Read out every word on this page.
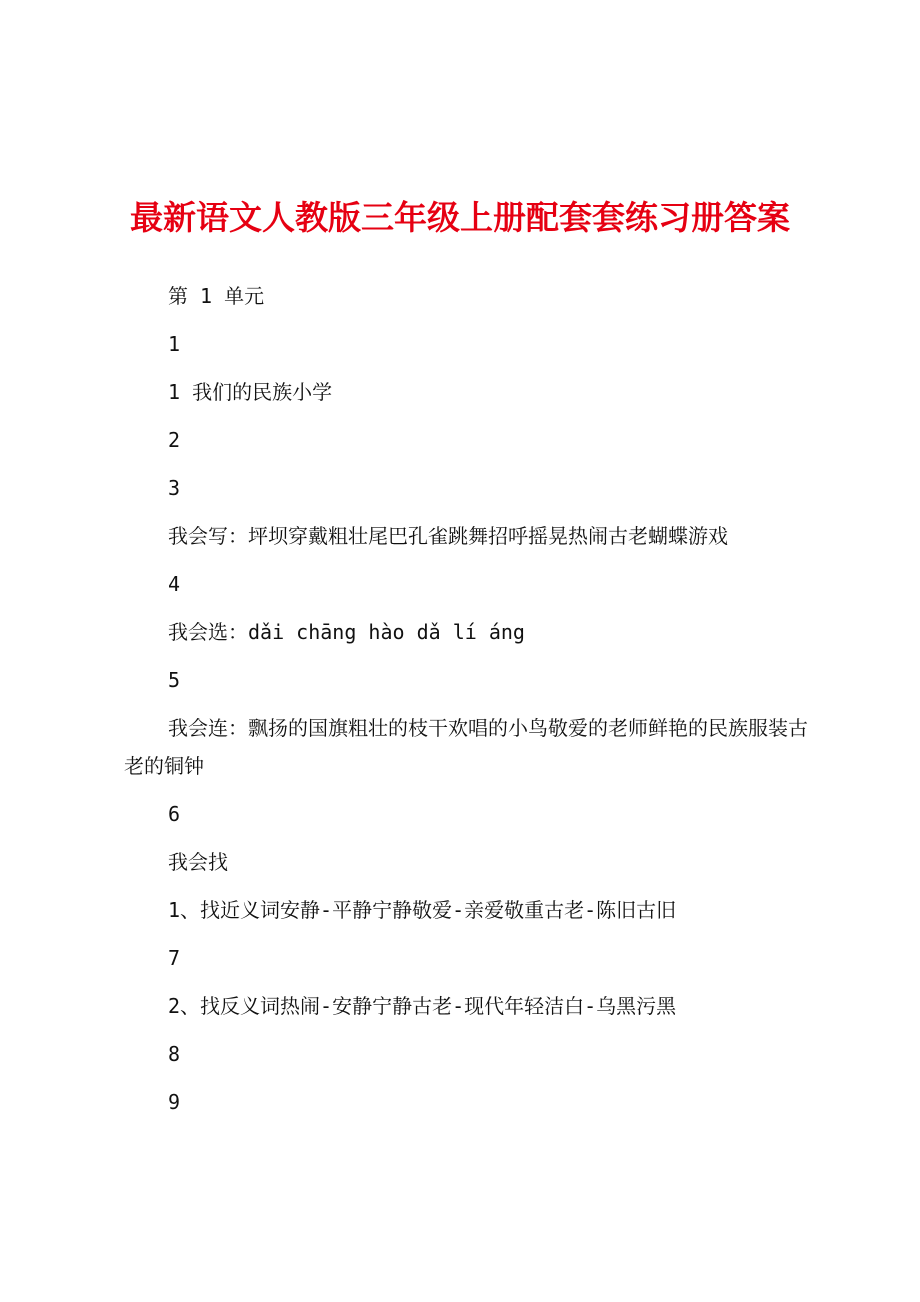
最新语文人教版三年级上册配套套练习册答案

第 1 单元

1

1 我们的民族小学

2

3

我会写：坪坝穿戴粗壮尾巴孔雀跳舞招呼摇晃热闹古老蝴蝶游戏

4

我会选：dǎi chāng hào dǎ lí áng

5

我会连：飘扬的国旗粗壮的枝干欢唱的小鸟敬爱的老师鲜艳的民族服装古老的铜钟

6

我会找

1、找近义词安静-平静宁静敬爱-亲爱敬重古老-陈旧古旧

7

2、找反义词热闹-安静宁静古老-现代年轻洁白-乌黑污黑

8

9
